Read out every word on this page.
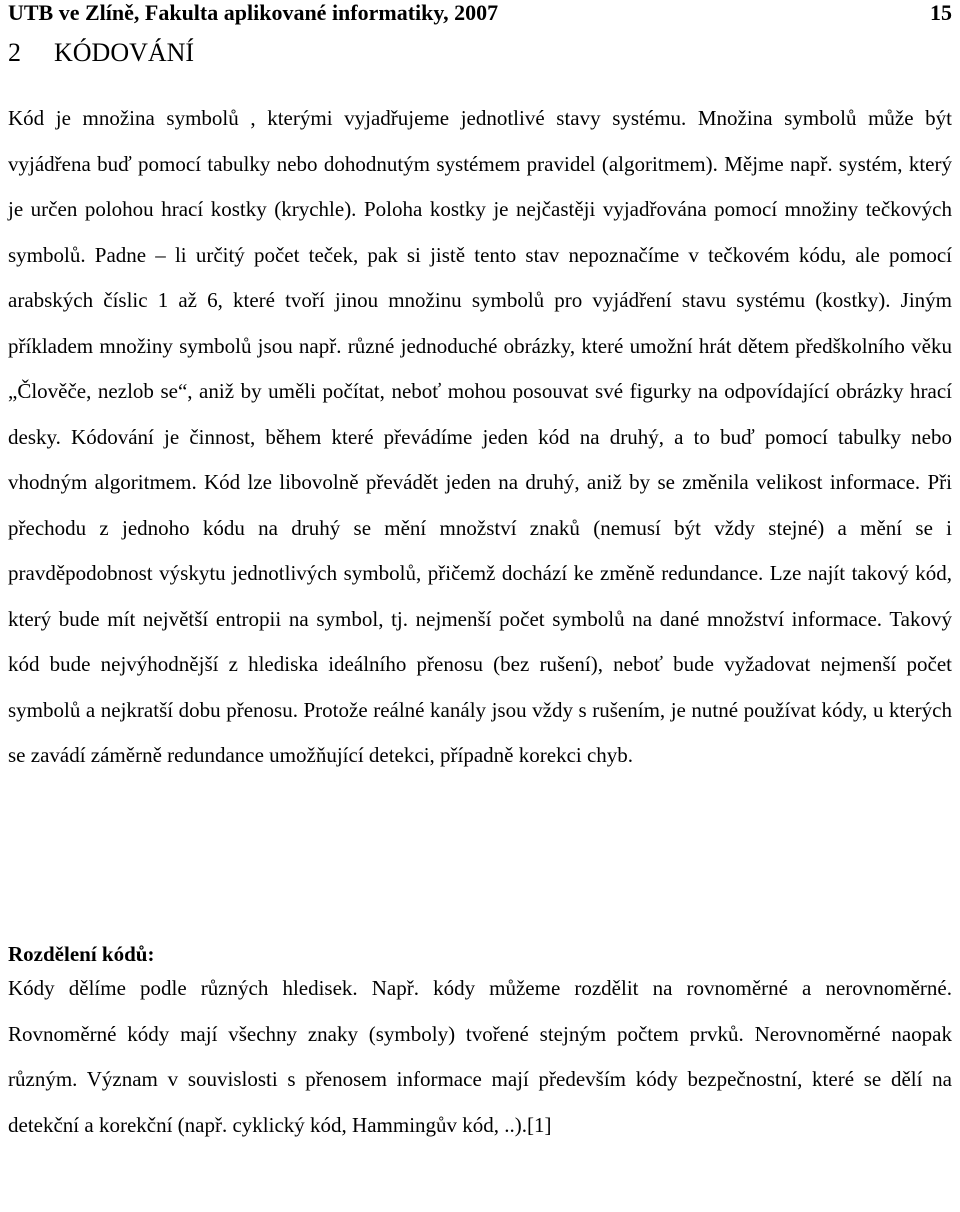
UTB ve Zlíně, Fakulta aplikované informatiky, 2007	15
2 KÓDOVÁNÍ

Kód je množina symbolů , kterými vyjadřujeme jednotlivé stavy systému. Množina symbolů může být vyjádřena buď pomocí tabulky nebo dohodnutým systémem pravidel (algoritmem). Mějme např. systém, který je určen polohou hrací kostky (krychle). Poloha kostky je nejčastěji vyjadřována pomocí množiny tečkových symbolů. Padne – li určitý počet teček, pak si jistě tento stav nepoznačíme v tečkovém kódu, ale pomocí arabských číslic 1 až 6, které tvoří jinou množinu symbolů pro vyjádření stavu systému (kostky). Jiným příkladem množiny symbolů jsou např. různé jednoduché obrázky, které umožní hrát dětem předškolního věku „Člověče, nezlob se“, aniž by uměli počítat, neboť mohou posouvat své figurky na odpovídající obrázky hrací desky. Kódování je činnost, během které převádíme jeden kód na druhý, a to buď pomocí tabulky nebo vhodným algoritmem. Kód lze libovolně převádět jeden na druhý, aniž by se změnila velikost informace. Při přechodu z jednoho kódu na druhý se mění množství znaků (nemusí být vždy stejné) a mění se i pravděpodobnost výskytu jednotlivých symbolů, přičemž dochází ke změně redundance. Lze najít takový kód, který bude mít největší entropii na symbol, tj. nejmenší počet symbolů na dané množství informace. Takový kód bude nejvýhodnější z hlediska ideálního přenosu (bez rušení), neboť bude vyžadovat nejmenší počet symbolů a nejkratší dobu přenosu. Protože reálné kanály jsou vždy s rušením, je nutné používat kódy, u kterých se zavádí záměrně redundance umožňující detekci, případně korekci chyb.

Rozdělení kódů:

Kódy dělíme podle různých hledisek. Např. kódy můžeme rozdělit na rovnoměrné a nerovnoměrné. Rovnoměrné kódy mají všechny znaky (symboly) tvořené stejným počtem prvků. Nerovnoměrné naopak různým. Význam v souvislosti s přenosem informace mají především kódy bezpečnostní, které se dělí na detekční a korekční (např. cyklický kód, Hammingův kód, ..).[1]
